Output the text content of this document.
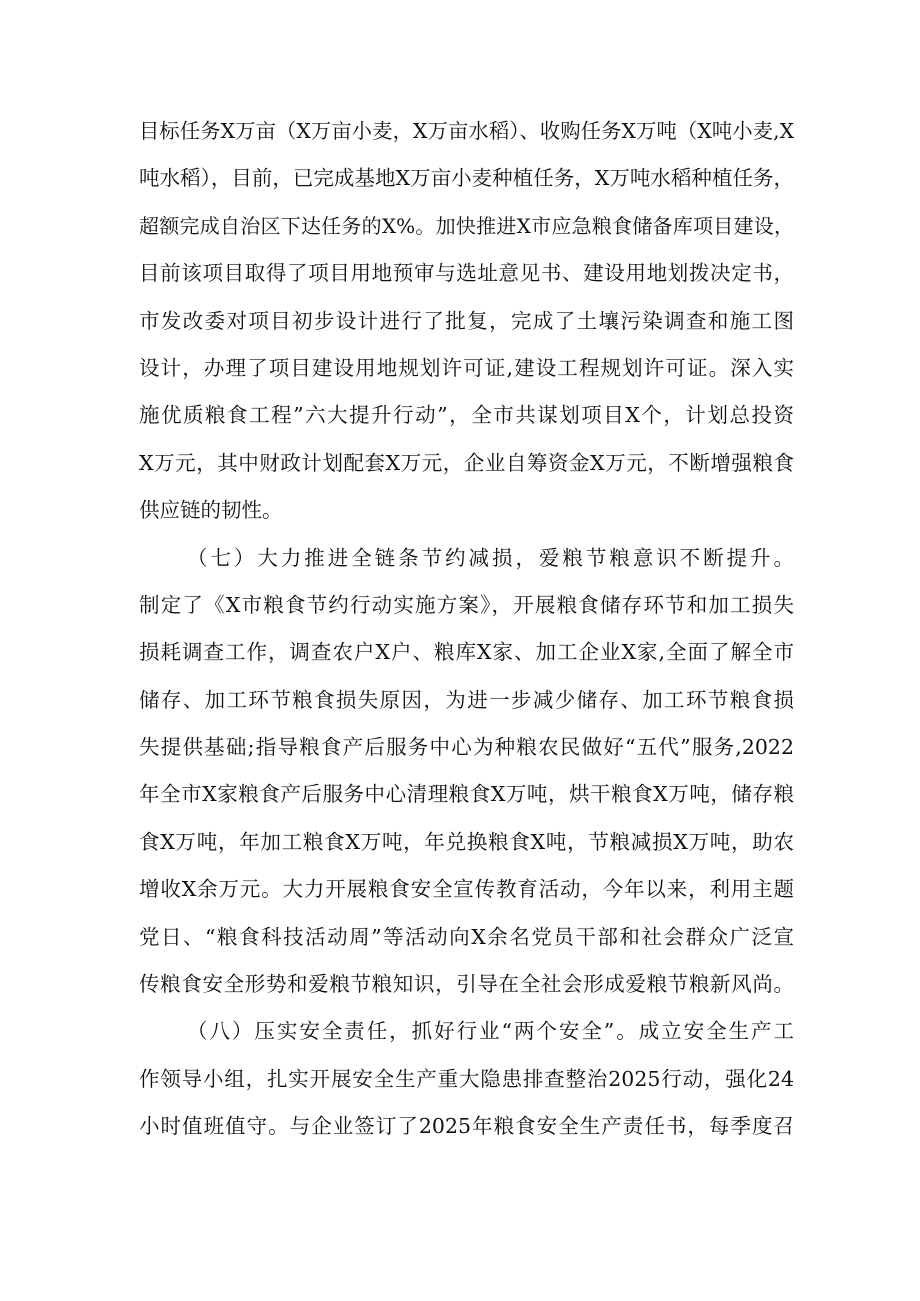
目标任务X万亩（X万亩小麦，X万亩水稻）、收购任务X万吨（X吨小麦,X
吨水稻），目前，已完成基地X万亩小麦种植任务，X万吨水稻种植任务，
超额完成自治区下达任务的X%。加快推进X市应急粮食储备库项目建设，
目前该项目取得了项目用地预审与选址意见书、建设用地划拨决定书，
市发改委对项目初步设计进行了批复，完成了土壤污染调查和施工图
设计，办理了项目建设用地规划许可证,建设工程规划许可证。深入实
施优质粮食工程”六大提升行动”，全市共谋划项目X个，计划总投资
X万元，其中财政计划配套X万元，企业自筹资金X万元，不断增强粮食
供应链的韧性。
（七）大力推进全链条节约减损，爱粮节粮意识不断提升。
制定了《X市粮食节约行动实施方案》，开展粮食储存环节和加工损失
损耗调查工作，调查农户X户、粮库X家、加工企业X家,全面了解全市
储存、加工环节粮食损失原因，为进一步减少储存、加工环节粮食损
失提供基础;指导粮食产后服务中心为种粮农民做好“五代”服务,2022
年全市X家粮食产后服务中心清理粮食X万吨，烘干粮食X万吨，储存粮
食X万吨，年加工粮食X万吨，年兑换粮食X吨，节粮减损X万吨，助农
增收X余万元。大力开展粮食安全宣传教育活动，今年以来，利用主题
党日、“粮食科技活动周”等活动向X余名党员干部和社会群众广泛宣
传粮食安全形势和爱粮节粮知识，引导在全社会形成爱粮节粮新风尚。
（八）压实安全责任，抓好行业“两个安全”。成立安全生产工
作领导小组，扎实开展安全生产重大隐患排查整治2025行动，强化24
小时值班值守。与企业签订了2025年粮食安全生产责任书，每季度召
